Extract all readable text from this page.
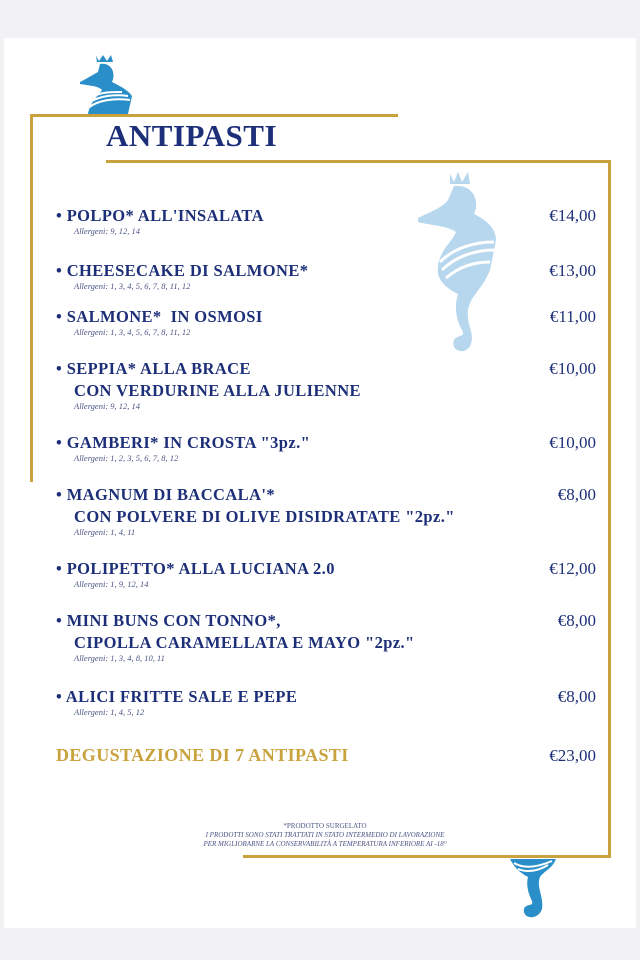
ANTIPASTI
• POLPO* ALL'INSALATA
Allergeni: 9, 12, 14
€14,00
• CHEESECAKE DI SALMONE*
Allergeni: 1, 3, 4, 5, 6, 7, 8, 11, 12
€13,00
• SALMONE*  IN OSMOSI
Allergeni: 1, 3, 4, 5, 6, 7, 8, 11, 12
€11,00
• SEPPIA* ALLA BRACE
CON VERDURINE ALLA JULIENNE
Allergeni: 9, 12, 14
€10,00
• GAMBERI* IN CROSTA "3pz."
Allergeni: 1, 2, 3, 5, 6, 7, 8, 12
€10,00
• MAGNUM DI BACCALA'*
CON POLVERE DI OLIVE DISIDRATATE "2pz."
Allergeni: 1, 4, 11
€8,00
• POLIPETTO* ALLA LUCIANA 2.0
Allergeni: 1, 9, 12, 14
€12,00
• MINI BUNS CON TONNO*,
CIPOLLA CARAMELLATA E MAYO "2pz."
Allergeni: 1, 3, 4, 8, 10, 11
€8,00
• ALICI FRITTE SALE E PEPE
Allergeni: 1, 4, 5, 12
€8,00
DEGUSTAZIONE DI 7 ANTIPASTI	€23,00
*PRODOTTO SURGELATO
I PRODOTTI SONO STATI TRATTATI IN STATO INTERMEDIO DI LAVORAZIONE
PER MIGLIORARNE LA CONSERVABILITÀ A TEMPERATURA INFERIORE AI -18°
